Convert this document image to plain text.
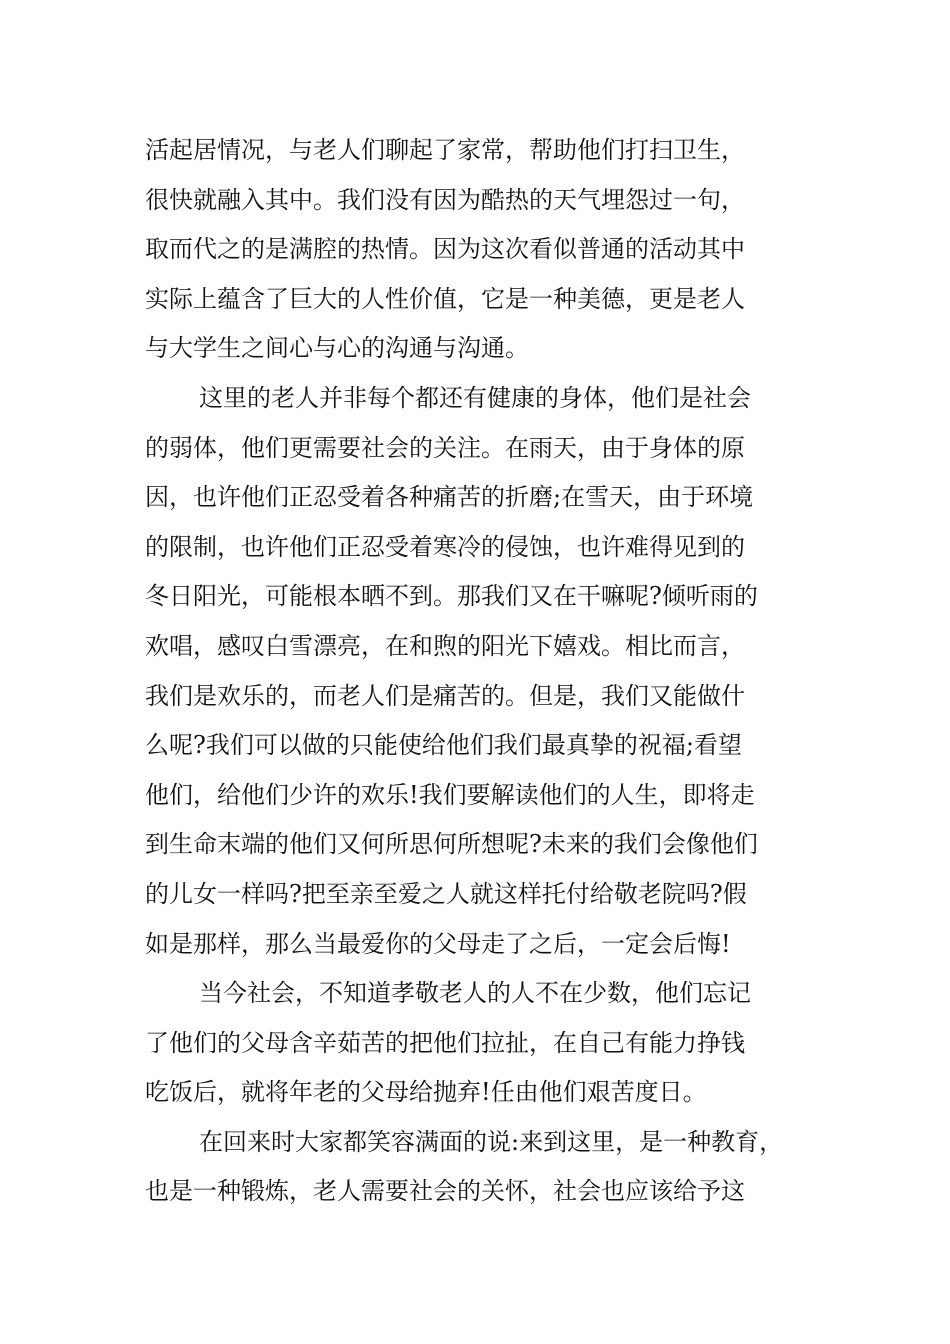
活起居情况，与老人们聊起了家常，帮助他们打扫卫生，
很快就融入其中。我们没有因为酷热的天气埋怨过一句，
取而代之的是满腔的热情。因为这次看似普通的活动其中
实际上蕴含了巨大的人性价值，它是一种美德，更是老人
与大学生之间心与心的沟通与沟通。
这里的老人并非每个都还有健康的身体，他们是社会
的弱体，他们更需要社会的关注。在雨天，由于身体的原
因，也许他们正忍受着各种痛苦的折磨;在雪天，由于环境
的限制，也许他们正忍受着寒冷的侵蚀，也许难得见到的
冬日阳光，可能根本晒不到。那我们又在干嘛呢?倾听雨的
欢唱，感叹白雪漂亮，在和煦的阳光下嬉戏。相比而言，
我们是欢乐的，而老人们是痛苦的。但是，我们又能做什
么呢?我们可以做的只能使给他们我们最真挚的祝福;看望
他们，给他们少许的欢乐!我们要解读他们的人生，即将走
到生命末端的他们又何所思何所想呢?未来的我们会像他们
的儿女一样吗?把至亲至爱之人就这样托付给敬老院吗?假
如是那样，那么当最爱你的父母走了之后，一定会后悔!
当今社会，不知道孝敬老人的人不在少数，他们忘记
了他们的父母含辛茹苦的把他们拉扯，在自己有能力挣钱
吃饭后，就将年老的父母给抛弃!任由他们艰苦度日。
在回来时大家都笑容满面的说:来到这里，是一种教育，
也是一种锻炼，老人需要社会的关怀，社会也应该给予这
